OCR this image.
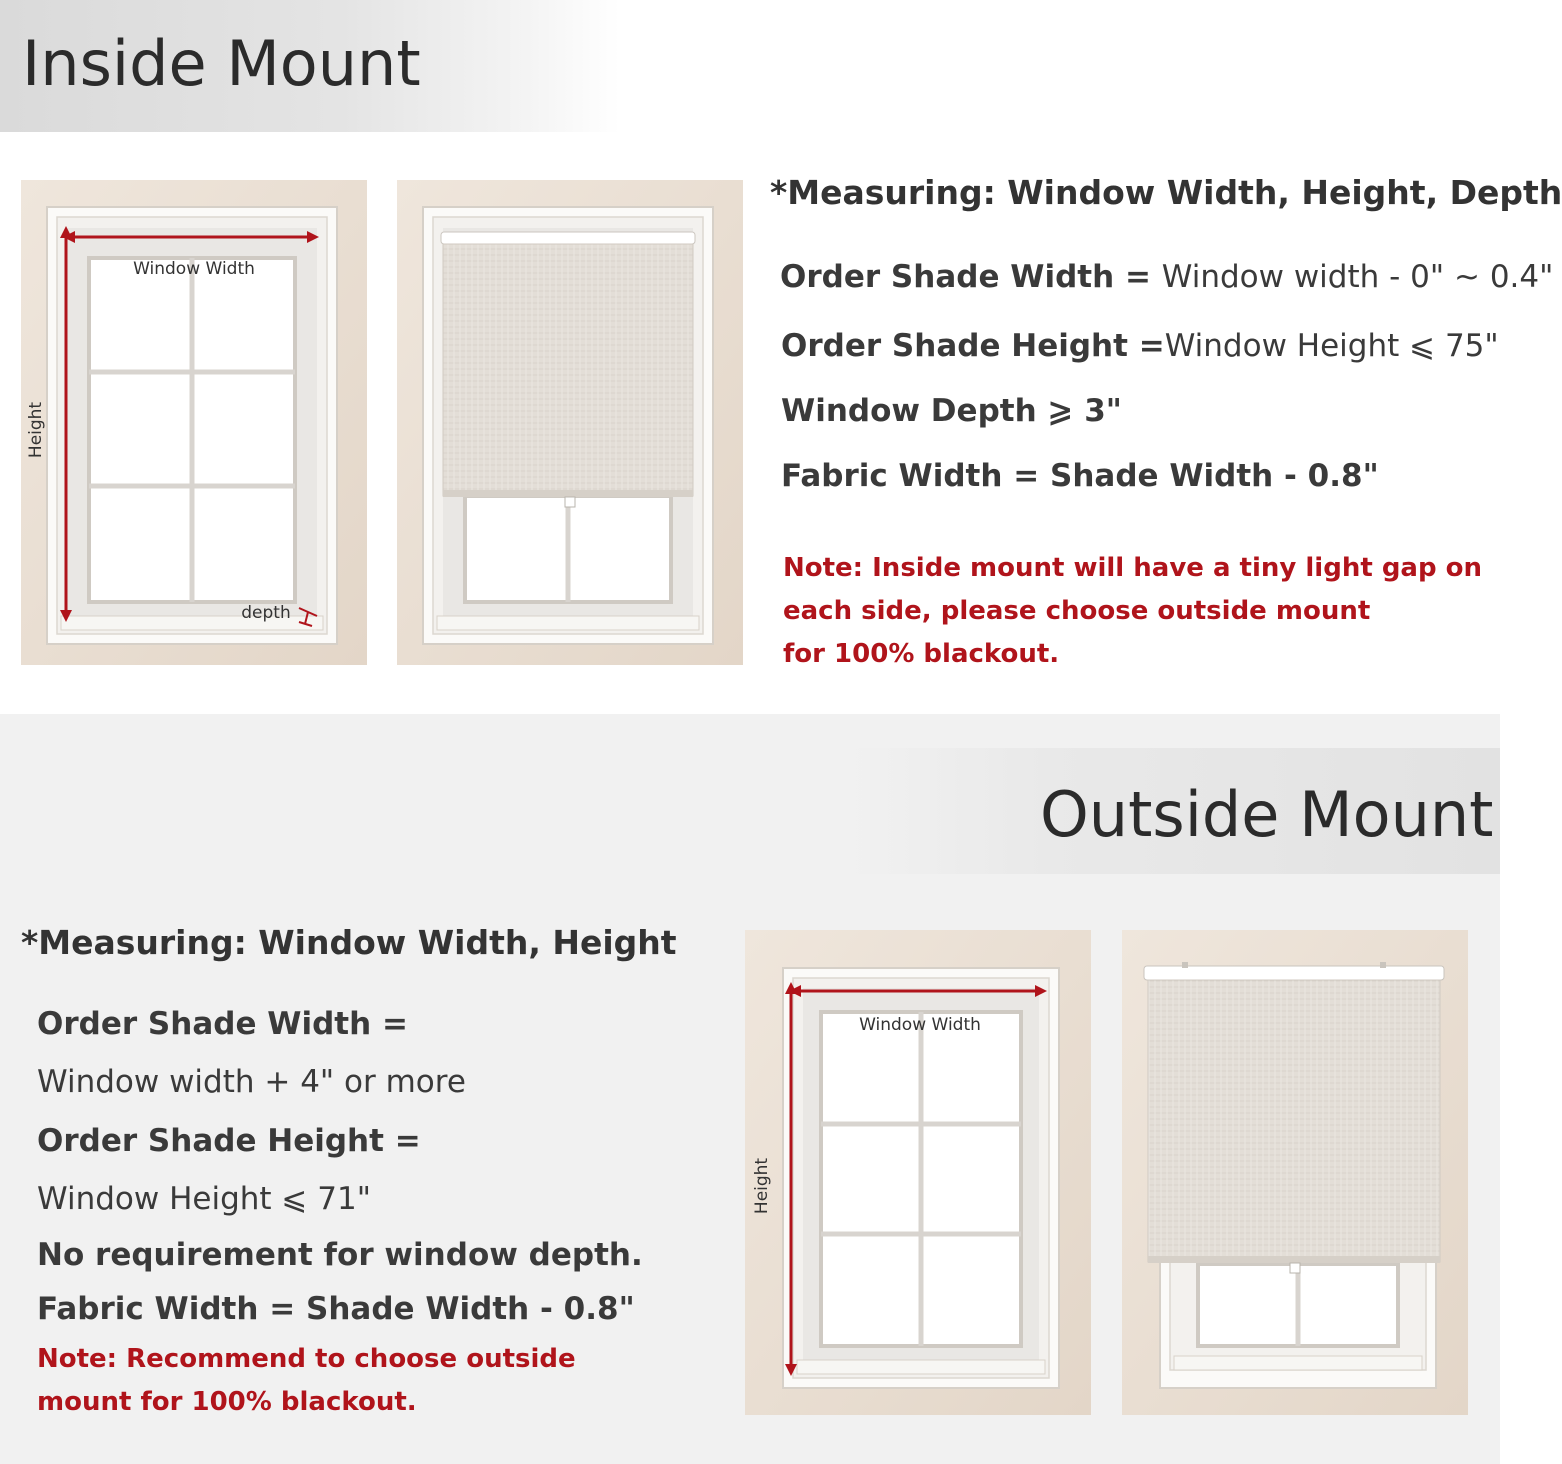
Inside Mount
Window Width
Height
depth
*Measuring: Window Width, Height, Depth
Order Shade Width = Window width - 0" ~ 0.4"
Order Shade Height =Window Height ⩽ 75"
Window Depth ⩾ 3"
Fabric Width = Shade Width - 0.8"
Note: Inside mount will have a tiny light gap on
each side, please choose outside mount
for 100% blackout.
Outside Mount
*Measuring: Window Width, Height
Order Shade Width =
Window width + 4" or more
Order Shade Height =
Window Height ⩽ 71"
No requirement for window depth.
Fabric Width = Shade Width - 0.8"
Note: Recommend to choose outside
mount for 100% blackout.
Window Width
Height
